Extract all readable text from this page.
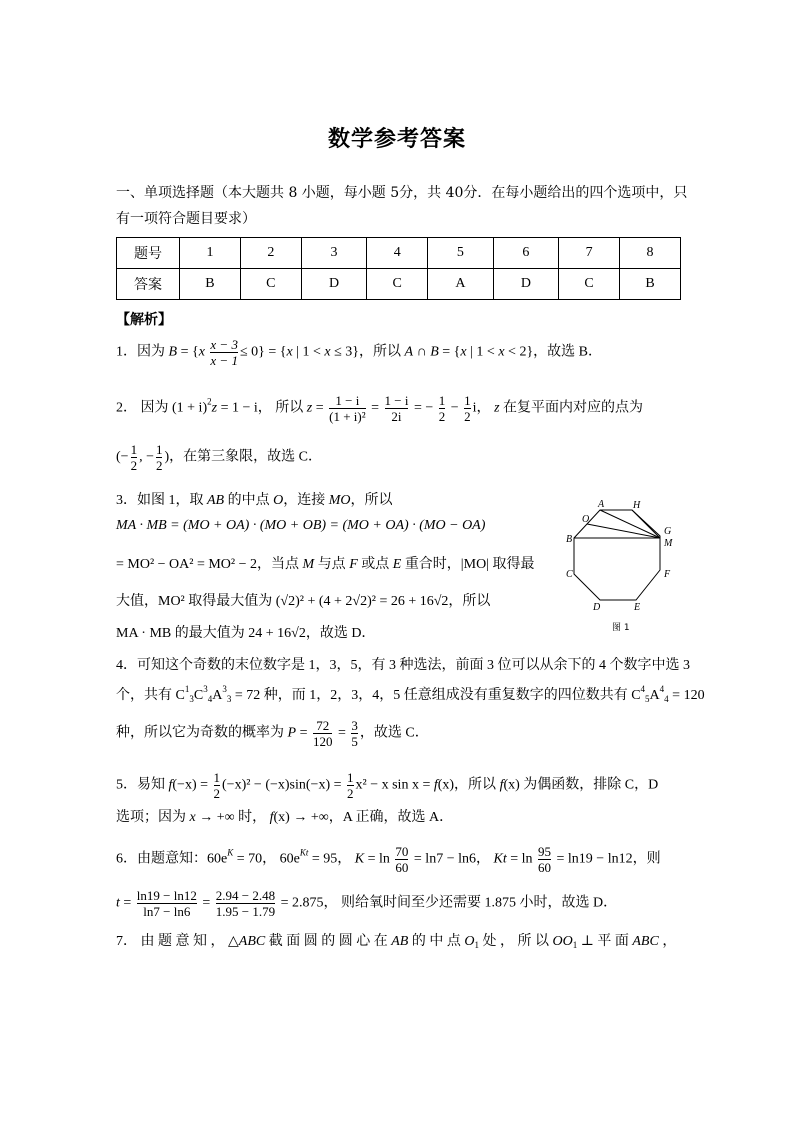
数学参考答案
一、单项选择题（本大题共 8 小题，每小题 5分，共 40分．在每小题给出的四个选项中，只
有一项符合题目要求）
题号	1	2	3	4	5	6	7	8
答案	B	C	D	C	A	D	C	B
【解析】
1．因为 $B = \{x \frac{x - 3}{x - 1} \le 0\} = \{x$ | 1 < x ≤ 3}，所以 A ∩ B = {x | 1 < x < 2}，故选 B．
2． 因为 $(1 + i)^2z = 1 - i$， 所以 $z = \frac{1 - i}{\text{(1 + i)²}} = \frac{1 - i}{2i}$ = − $\frac{1}{2} - \frac{1}{2}$ i， z 在复平面内对应的点为
(− $\frac{1}{2}$ , − $\frac{1}{2}$ )，在第三象限，故选 C．
3．如图 1，取 AB 的中点 O，连接 MO，所以
MA · MB = (MO + OA) · (MO + OB) = (MO + OA) · (MO − OA)
= MO² − OA² = MO² − 2，当点 M 与点 F 或点 E 重合时，|MO| 取得最
大值，MO² 取得最大值为 (√2)² + (4 + 2√2)² = 26 + 16√2，所以
MA · MB 的最大值为 24 + 16√2，故选 D．
A	H
O
B
G
M
C	F
D	E
图 1
4．可知这个奇数的末位数字是 1，3，5，有 3 种选法，前面 3 位可以从余下的 4 个数字中选 3
个，共有 $C^1_3C^3_4A^3_3 = 72$ 种，而 1，2，3，4，5 任意组成没有重复数字的四位数共有 $C^4_5A^4_4 = 120$
种，所以它为奇数的概率为 $P = \frac{72}{120} = \frac{3}{5}$ ，故选 C．
5．易知 $f(-x) = \frac{1}{2} (-x)^2 - (-x)\sin(-x) = \frac{1}{2} x^2 - x$ sin x = f(x)，所以 f(x) 为偶函数，排除 C，D
选项；因为 x → +∞ 时， f(x) → +∞，A 正确，故选 A．
6．由题意知：$60e^K = 70$， $60e^{Kt} = 95$， $K = \ln \frac{70}{60} = \ln 7 - \ln 6$， $Kt = \ln \frac{95}{60} = \ln 19 - \ln 12$，则
$t = \frac{\ln 19 - \ln 12}{\ln 7 - \ln 6} = \frac{2.94 - 2.48}{1.95 - 1.79} = 2.875$， 则给氧时间至少还需要 1.875 小时，故选 D．
7． 由 题 意 知 ， △ABC 截 面 圆 的 圆 心 在 AB 的 中 点 $O_1$ 处 ， 所 以 $OO_1$ ⊥ 平 面 ABC ，
